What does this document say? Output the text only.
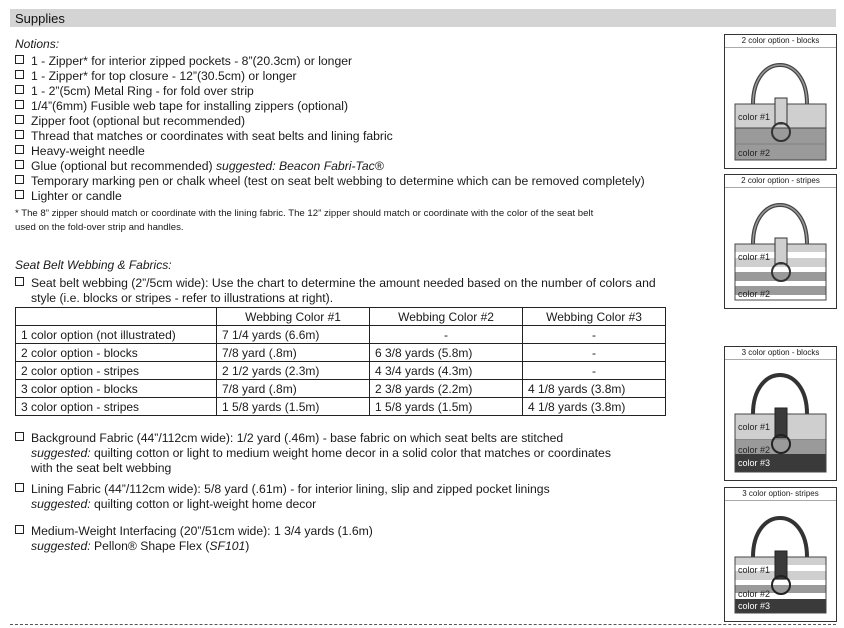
Supplies
Notions:
1 - Zipper* for interior zipped pockets - 8”(20.3cm) or longer
1 - Zipper* for top closure - 12”(30.5cm) or longer
1 - 2”(5cm) Metal Ring - for fold over strip
1/4”(6mm) Fusible web tape for installing zippers (optional)
Zipper foot (optional but recommended)
Thread that matches or coordinates with seat belts and lining fabric
Heavy-weight needle
Glue (optional but recommended) suggested: Beacon Fabri-Tac®
Temporary marking pen or chalk wheel (test on seat belt webbing to determine which can be removed completely)
Lighter or candle
* The 8” zipper should match or coordinate with the lining fabric. The 12” zipper should match or coordinate with the color of the seat belt
used on the fold-over strip and handles.
Seat Belt Webbing & Fabrics:
Seat belt webbing (2”/5cm wide): Use the chart to determine the amount needed based on the number of colors and
style (i.e. blocks or stripes - refer to illustrations at right).
	Webbing Color #1	Webbing Color #2	Webbing Color #3
1 color option (not illustrated)	7 1/4 yards (6.6m)	-	-
2 color option - blocks	7/8 yard (.8m)	6 3/8 yards (5.8m)	-
2 color option - stripes	2 1/2 yards (2.3m)	4 3/4 yards (4.3m)	-
3 color option - blocks	7/8 yard (.8m)	2 3/8 yards (2.2m)	4 1/8 yards (3.8m)
3 color option - stripes	1 5/8 yards (1.5m)	1 5/8 yards (1.5m)	4 1/8 yards (3.8m)
Background Fabric (44”/112cm wide): 1/2 yard (.46m) - base fabric on which seat belts are stitched
suggested: quilting cotton or light to medium weight home decor in a solid color that matches or coordinates
with the seat belt webbing
Lining Fabric (44”/112cm wide): 5/8 yard (.61m) - for interior lining, slip and zipped pocket linings
suggested: quilting cotton or light-weight home decor
Medium-Weight Interfacing (20”/51cm wide): 1 3/4 yards (1.6m)
suggested: Pellon® Shape Flex (SF101)
2 color option - blocks
color #1
color #2
2 color option - stripes
color #1
color #2
3 color option - blocks
color #1
color #2
color #3
3 color option- stripes
color #1
color #2
color #3
